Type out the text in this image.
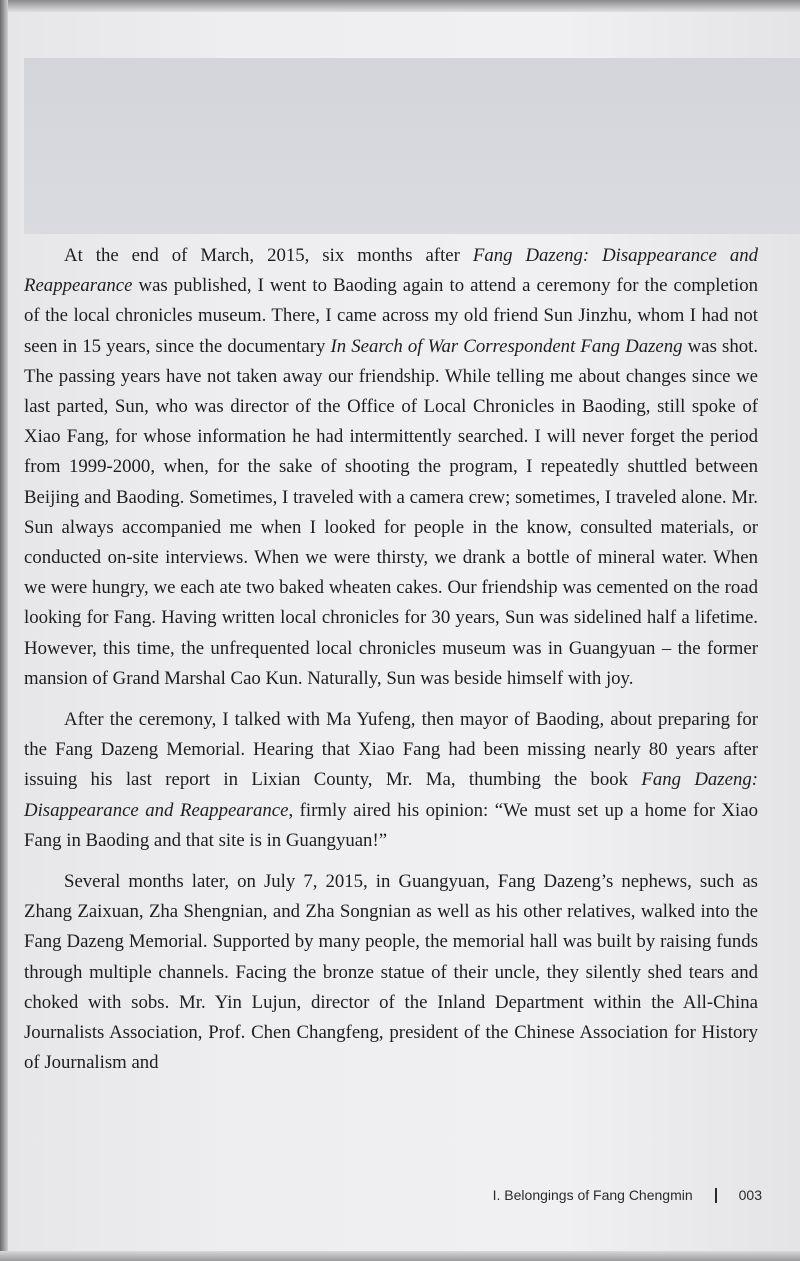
At the end of March, 2015, six months after Fang Dazeng: Disappearance and Reappearance was published, I went to Baoding again to attend a ceremony for the completion of the local chronicles museum. There, I came across my old friend Sun Jinzhu, whom I had not seen in 15 years, since the documentary In Search of War Correspondent Fang Dazeng was shot. The passing years have not taken away our friendship. While telling me about changes since we last parted, Sun, who was director of the Office of Local Chronicles in Baoding, still spoke of Xiao Fang, for whose information he had intermittently searched. I will never forget the period from 1999-2000, when, for the sake of shooting the program, I repeatedly shuttled between Beijing and Baoding. Sometimes, I traveled with a camera crew; sometimes, I traveled alone. Mr. Sun always accompanied me when I looked for people in the know, consulted materials, or conducted on-site interviews. When we were thirsty, we drank a bottle of mineral water. When we were hungry, we each ate two baked wheaten cakes. Our friendship was cemented on the road looking for Fang. Having written local chronicles for 30 years, Sun was sidelined half a lifetime. However, this time, the unfrequented local chronicles museum was in Guangyuan – the former mansion of Grand Marshal Cao Kun. Naturally, Sun was beside himself with joy.

After the ceremony, I talked with Ma Yufeng, then mayor of Baoding, about preparing for the Fang Dazeng Memorial. Hearing that Xiao Fang had been missing nearly 80 years after issuing his last report in Lixian County, Mr. Ma, thumbing the book Fang Dazeng: Disappearance and Reappearance, firmly aired his opinion: “We must set up a home for Xiao Fang in Baoding and that site is in Guangyuan!”

Several months later, on July 7, 2015, in Guangyuan, Fang Dazeng’s nephews, such as Zhang Zaixuan, Zha Shengnian, and Zha Songnian as well as his other relatives, walked into the Fang Dazeng Memorial. Supported by many people, the memorial hall was built by raising funds through multiple channels. Facing the bronze statue of their uncle, they silently shed tears and choked with sobs. Mr. Yin Lujun, director of the Inland Department within the All-China Journalists Association, Prof. Chen Changfeng, president of the Chinese Association for History of Journalism and

I. Belongings of Fang Chengmin	003
